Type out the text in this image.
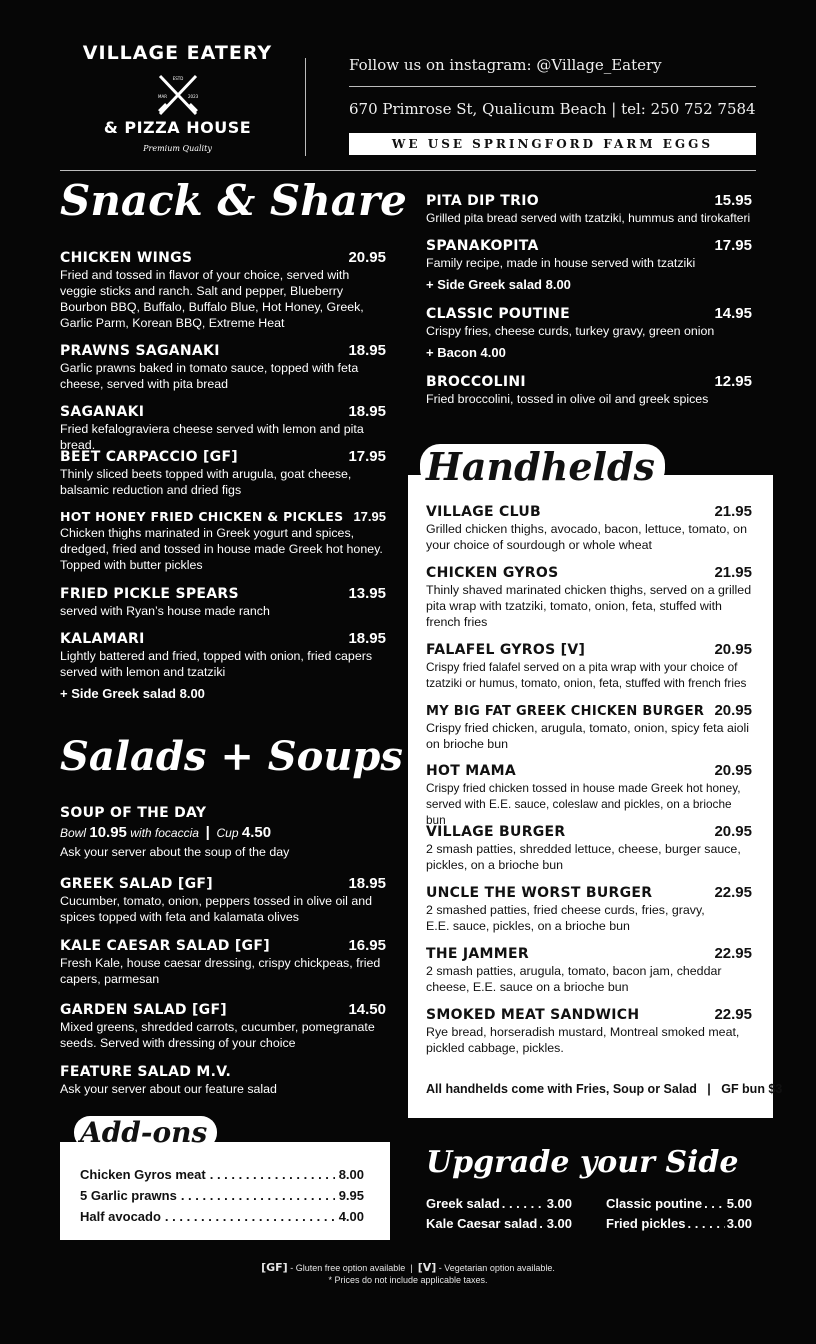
VILLAGE EATERY
ESTD
MAR	2023
& PIZZA HOUSE
Premium Quality
Follow us on instagram: @Village_Eatery
670 Primrose St, Qualicum Beach | tel: 250 752 7584
WE USE SPRINGFORD FARM EGGS
Snack & Share
CHICKEN WINGS	20.95
Fried and tossed in flavor of your choice, served with veggie sticks and ranch. Salt and pepper, Blueberry Bourbon BBQ, Buffalo, Buffalo Blue, Hot Honey, Greek, Garlic Parm, Korean BBQ, Extreme Heat
PRAWNS SAGANAKI	18.95
Garlic prawns baked in tomato sauce, topped with feta cheese, served with pita bread
SAGANAKI	18.95
Fried kefalograviera cheese served with lemon and pita bread.
BEET CARPACCIO [GF]	17.95
Thinly sliced beets topped with arugula, goat cheese, balsamic reduction and dried figs
HOT HONEY FRIED CHICKEN & PICKLES 17.95
Chicken thighs marinated in Greek yogurt and spices, dredged, fried and tossed in house made Greek hot honey. Topped with butter pickles
FRIED PICKLE SPEARS	13.95
served with Ryan’s house made ranch
KALAMARI	18.95
Lightly battered and fried, topped with onion, fried capers served with lemon and tzatziki
+ Side Greek salad 8.00
PITA DIP TRIO	15.95
Grilled pita bread served with tzatziki, hummus and tirokafteri
SPANAKOPITA	17.95
Family recipe, made in house served with tzatziki
+ Side Greek salad 8.00
CLASSIC POUTINE	14.95
Crispy fries, cheese curds, turkey gravy, green onion
+ Bacon 4.00
BROCCOLINI	12.95
Fried broccolini, tossed in olive oil and greek spices
Salads + Soups
SOUP OF THE DAY
Bowl 10.95 with focaccia | Cup 4.50
Ask your server about the soup of the day
GREEK SALAD [GF]	18.95
Cucumber, tomato, onion, peppers tossed in olive oil and spices topped with feta and kalamata olives
KALE CAESAR SALAD [GF]	16.95
Fresh Kale, house caesar dressing, crispy chickpeas, fried capers, parmesan
GARDEN SALAD [GF]	14.50
Mixed greens, shredded carrots, cucumber, pomegranate seeds. Served with dressing of your choice
FEATURE SALAD M.V.
Ask your server about our feature salad
Handhelds
VILLAGE CLUB	21.95
Grilled chicken thighs, avocado, bacon, lettuce, tomato, on your choice of sourdough or whole wheat
CHICKEN GYROS	21.95
Thinly shaved marinated chicken thighs, served on a grilled pita wrap with tzatziki, tomato, onion, feta, stuffed with french fries
FALAFEL GYROS [V]	20.95
Crispy fried falafel served on a pita wrap with your choice of tzatziki or humus, tomato, onion, feta, stuffed with french fries
MY BIG FAT GREEK CHICKEN BURGER 20.95
Crispy fried chicken, arugula, tomato, onion, spicy feta aioli on brioche bun
HOT MAMA	20.95
Crispy fried chicken tossed in house made Greek hot honey, served with E.E. sauce, coleslaw and pickles, on a brioche bun
VILLAGE BURGER	20.95
2 smash patties, shredded lettuce, cheese, burger sauce, pickles, on a brioche bun
UNCLE THE WORST BURGER	22.95
2 smashed patties, fried cheese curds, fries, gravy, E.E. sauce, pickles, on a brioche bun
THE JAMMER	22.95
2 smash patties, arugula, tomato, bacon jam, cheddar cheese, E.E. sauce on a brioche bun
SMOKED MEAT SANDWICH	22.95
Rye bread, horseradish mustard, Montreal smoked meat, pickled cabbage, pickles.
All handhelds come with Fries, Soup or Salad   |   GF bun $3
Add-ons
Chicken Gyros meat . . .	8.00
5 Garlic prawns . . .	9.95
Half avocado . . .	4.00
Upgrade your Side
Greek salad . . .	3.00	Classic poutine . . . 5.00
Kale Caesar salad . . . 3.00	Fried pickles . . .	3.00
[GF] - Gluten free option available | [V] - Vegetarian option available.
* Prices do not include applicable taxes.
